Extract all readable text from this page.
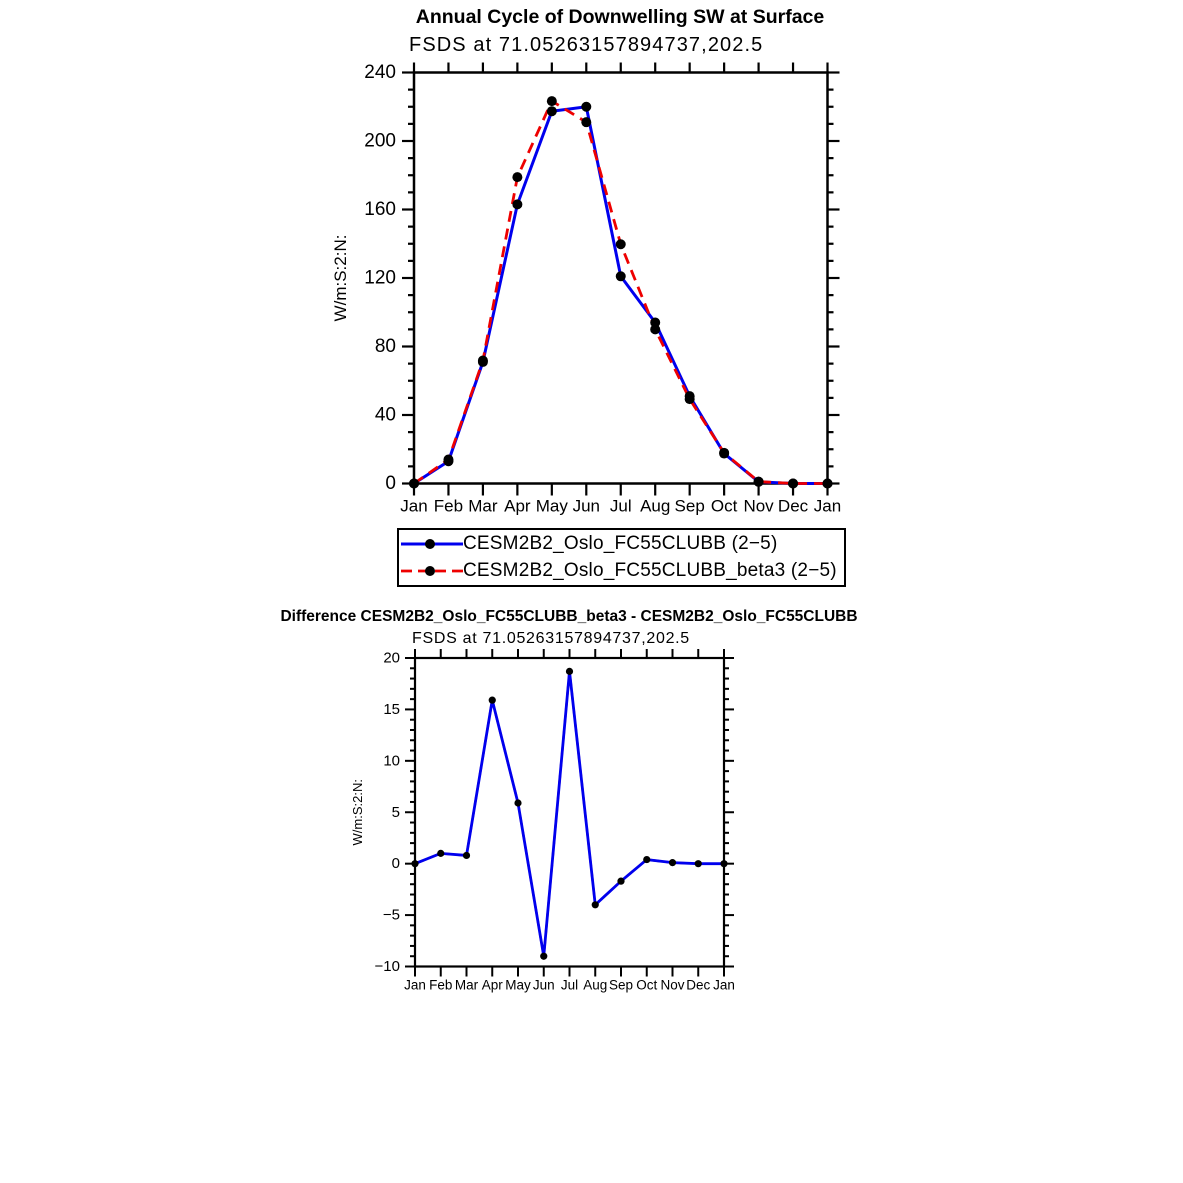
Annual Cycle of Downwelling SW at Surface
FSDS at 71.05263157894737,202.5
240
200
160
120
80
40
0
Jan Feb Mar Apr May Jun Jul Aug Sep Oct Nov Dec Jan
W/m:S:2:N:
20
15
10
5
0
−5
−10
Jan Feb Mar Apr May Jun Jul Aug Sep Oct Nov Dec Jan
W/m:S:2:N:
CESM2B2_Oslo_FC55CLUBB (2−5)
CESM2B2_Oslo_FC55CLUBB_beta3 (2−5)
Difference CESM2B2_Oslo_FC55CLUBB_beta3 - CESM2B2_Oslo_FC55CLUBB
FSDS at 71.05263157894737,202.5
